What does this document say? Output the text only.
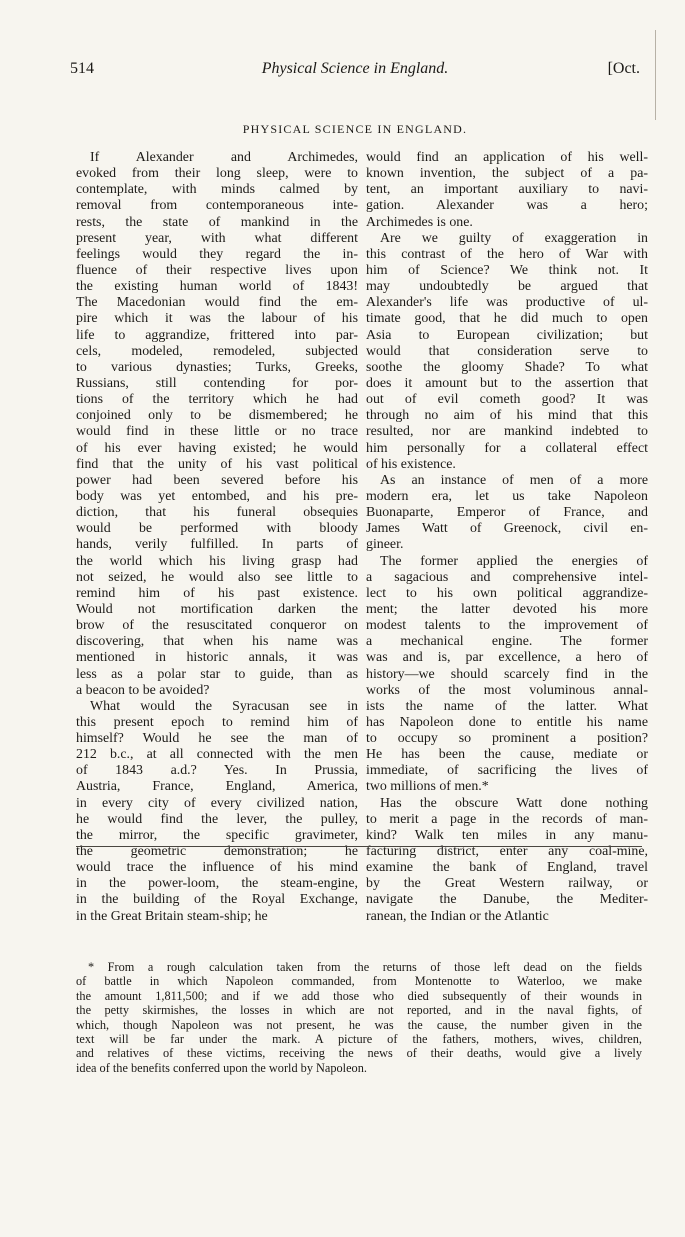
514	Physical Science in England.	[Oct.
PHYSICAL SCIENCE IN ENGLAND.
If Alexander and Archimedes,
evoked from their long sleep, were to
contemplate, with minds calmed by
removal from contemporaneous inte-
rests, the state of mankind in the
present year, with what different
feelings would they regard the in-
fluence of their respective lives upon
the existing human world of 1843!
The Macedonian would find the em-
pire which it was the labour of his
life to aggrandize, frittered into par-
cels, modeled, remodeled, subjected
to various dynasties; Turks, Greeks,
Russians, still contending for por-
tions of the territory which he had
conjoined only to be dismembered; he
would find in these little or no trace
of his ever having existed; he would
find that the unity of his vast political
power had been severed before his
body was yet entombed, and his pre-
diction, that his funeral obsequies
would be performed with bloody
hands, verily fulfilled. In parts of
the world which his living grasp had
not seized, he would also see little to
remind him of his past existence.
Would not mortification darken the
brow of the resuscitated conqueror on
discovering, that when his name was
mentioned in historic annals, it was
less as a polar star to guide, than as
a beacon to be avoided?
What would the Syracusan see in
this present epoch to remind him of
himself? Would he see the man of
212 b.c., at all connected with the men
of 1843 a.d.? Yes. In Prussia,
Austria, France, England, America,
in every city of every civilized nation,
he would find the lever, the pulley,
the mirror, the specific gravimeter,
the geometric demonstration; he
would trace the influence of his mind
in the power-loom, the steam-engine,
in the building of the Royal Exchange,
in the Great Britain steam-ship; he
would find an application of his well-
known invention, the subject of a pa-
tent, an important auxiliary to navi-
gation. Alexander was a hero;
Archimedes is one.
Are we guilty of exaggeration in
this contrast of the hero of War with
him of Science? We think not. It
may undoubtedly be argued that
Alexander's life was productive of ul-
timate good, that he did much to open
Asia to European civilization; but
would that consideration serve to
soothe the gloomy Shade? To what
does it amount but to the assertion that
out of evil cometh good? It was
through no aim of his mind that this
resulted, nor are mankind indebted to
him personally for a collateral effect
of his existence.
As an instance of men of a more
modern era, let us take Napoleon
Buonaparte, Emperor of France, and
James Watt of Greenock, civil en-
gineer.
The former applied the energies of
a sagacious and comprehensive intel-
lect to his own political aggrandize-
ment; the latter devoted his more
modest talents to the improvement of
a mechanical engine. The former
was and is, par excellence, a hero of
history—we should scarcely find in the
works of the most voluminous annal-
ists the name of the latter. What
has Napoleon done to entitle his name
to occupy so prominent a position?
He has been the cause, mediate or
immediate, of sacrificing the lives of
two millions of men.*
Has the obscure Watt done nothing
to merit a page in the records of man-
kind? Walk ten miles in any manu-
facturing district, enter any coal-mine,
examine the bank of England, travel
by the Great Western railway, or
navigate the Danube, the Mediter-
ranean, the Indian or the Atlantic
* From a rough calculation taken from the returns of those left dead on the fields
of battle in which Napoleon commanded, from Montenotte to Waterloo, we make
the amount 1,811,500; and if we add those who died subsequently of their wounds in
the petty skirmishes, the losses in which are not reported, and in the naval fights, of
which, though Napoleon was not present, he was the cause, the number given in the
text will be far under the mark. A picture of the fathers, mothers, wives, children,
and relatives of these victims, receiving the news of their deaths, would give a lively
idea of the benefits conferred upon the world by Napoleon.
